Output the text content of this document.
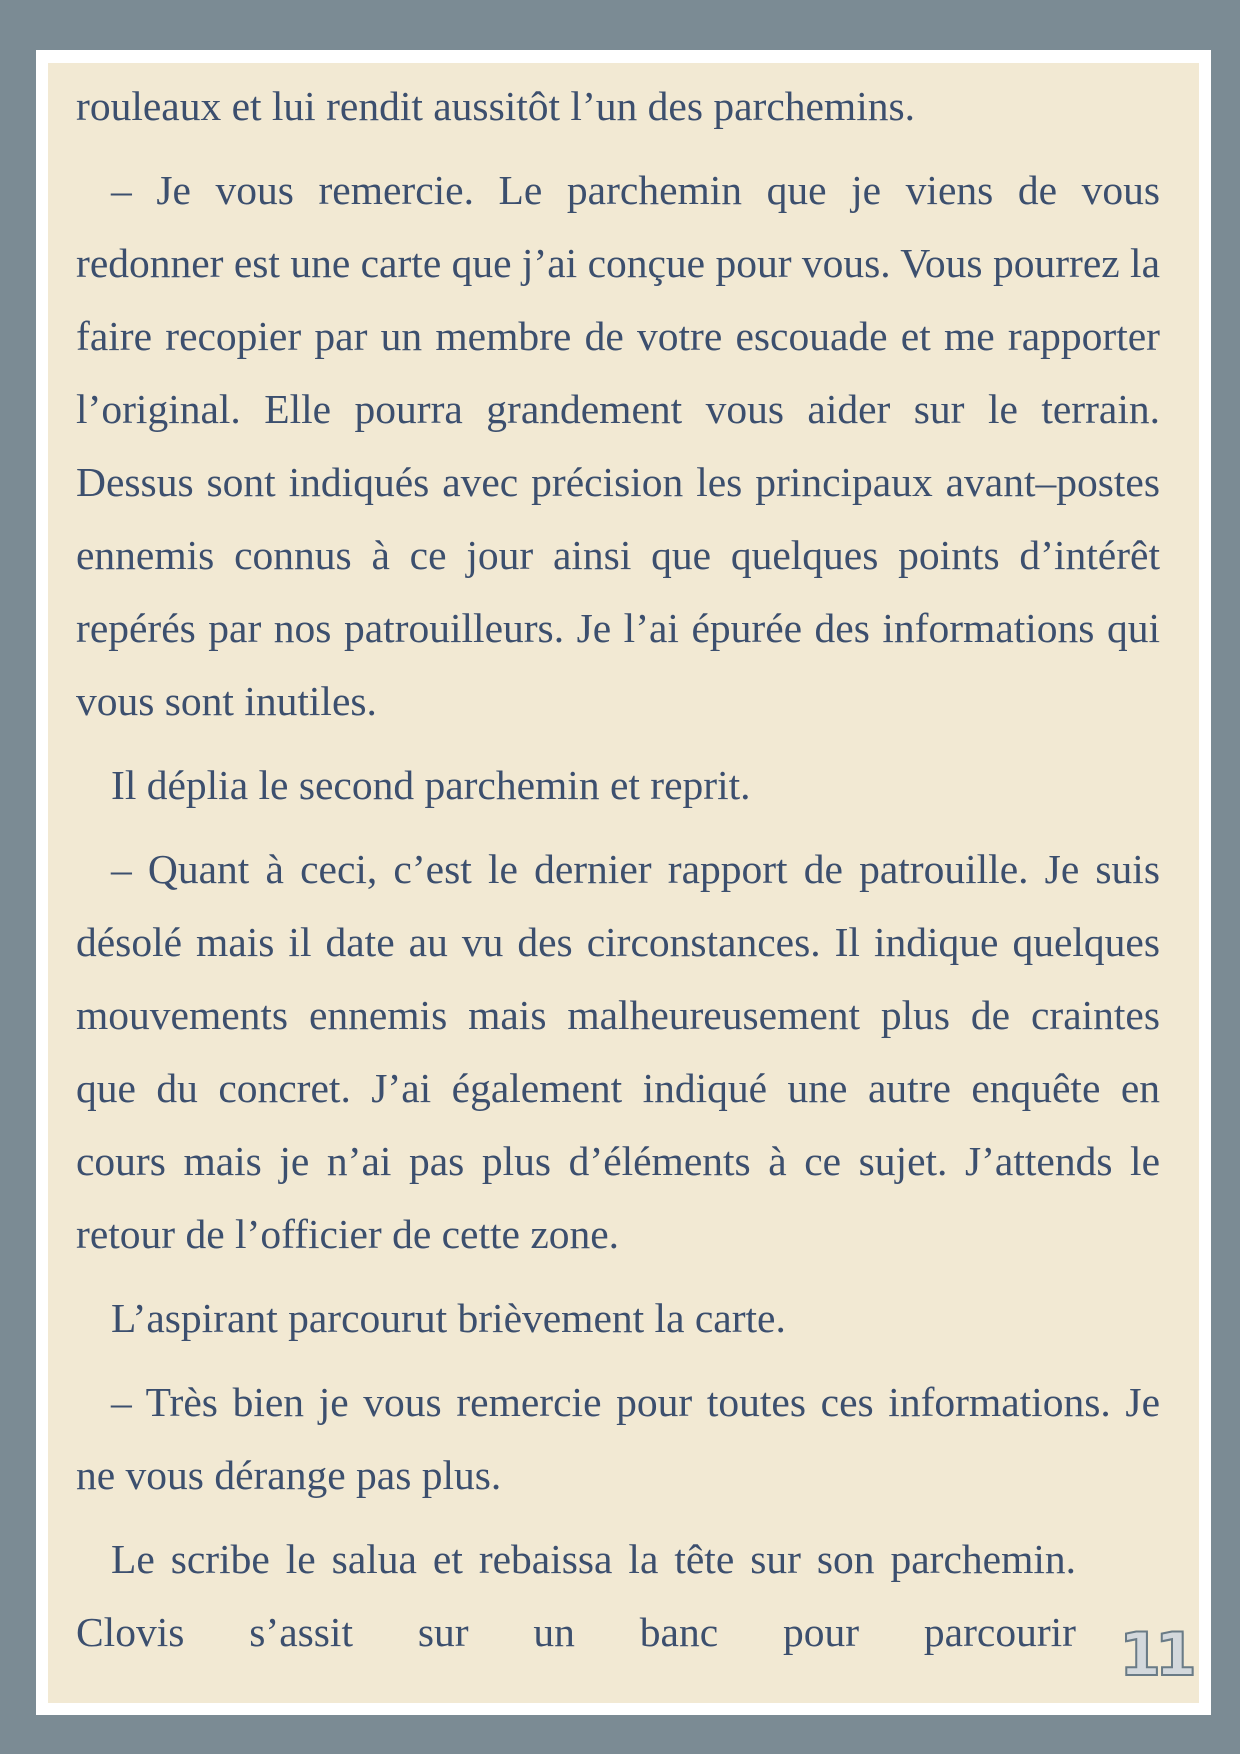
rouleaux et lui rendit aussitôt l’un des parchemins.

– Je vous remercie. Le parchemin que je viens de vous redonner est une carte que j’ai conçue pour vous. Vous pourrez la faire recopier par un membre de votre escouade et me rapporter l’original. Elle pourra grandement vous aider sur le terrain. Dessus sont indiqués avec précision les principaux avant–postes ennemis connus à ce jour ainsi que quelques points d’intérêt repérés par nos patrouilleurs. Je l’ai épurée des informations qui vous sont inutiles.

Il déplia le second parchemin et reprit.

– Quant à ceci, c’est le dernier rapport de patrouille. Je suis désolé mais il date au vu des circonstances. Il indique quelques mouvements ennemis mais malheureusement plus de craintes que du concret. J’ai également indiqué une autre enquête en cours mais je n’ai pas plus d’éléments à ce sujet. J’attends le retour de l’officier de cette zone.

L’aspirant parcourut brièvement la carte.

– Très bien je vous remercie pour toutes ces informations. Je ne vous dérange pas plus.

Le scribe le salua et rebaissa la tête sur son parchemin. Clovis s’assit sur un banc pour parcourir 11
